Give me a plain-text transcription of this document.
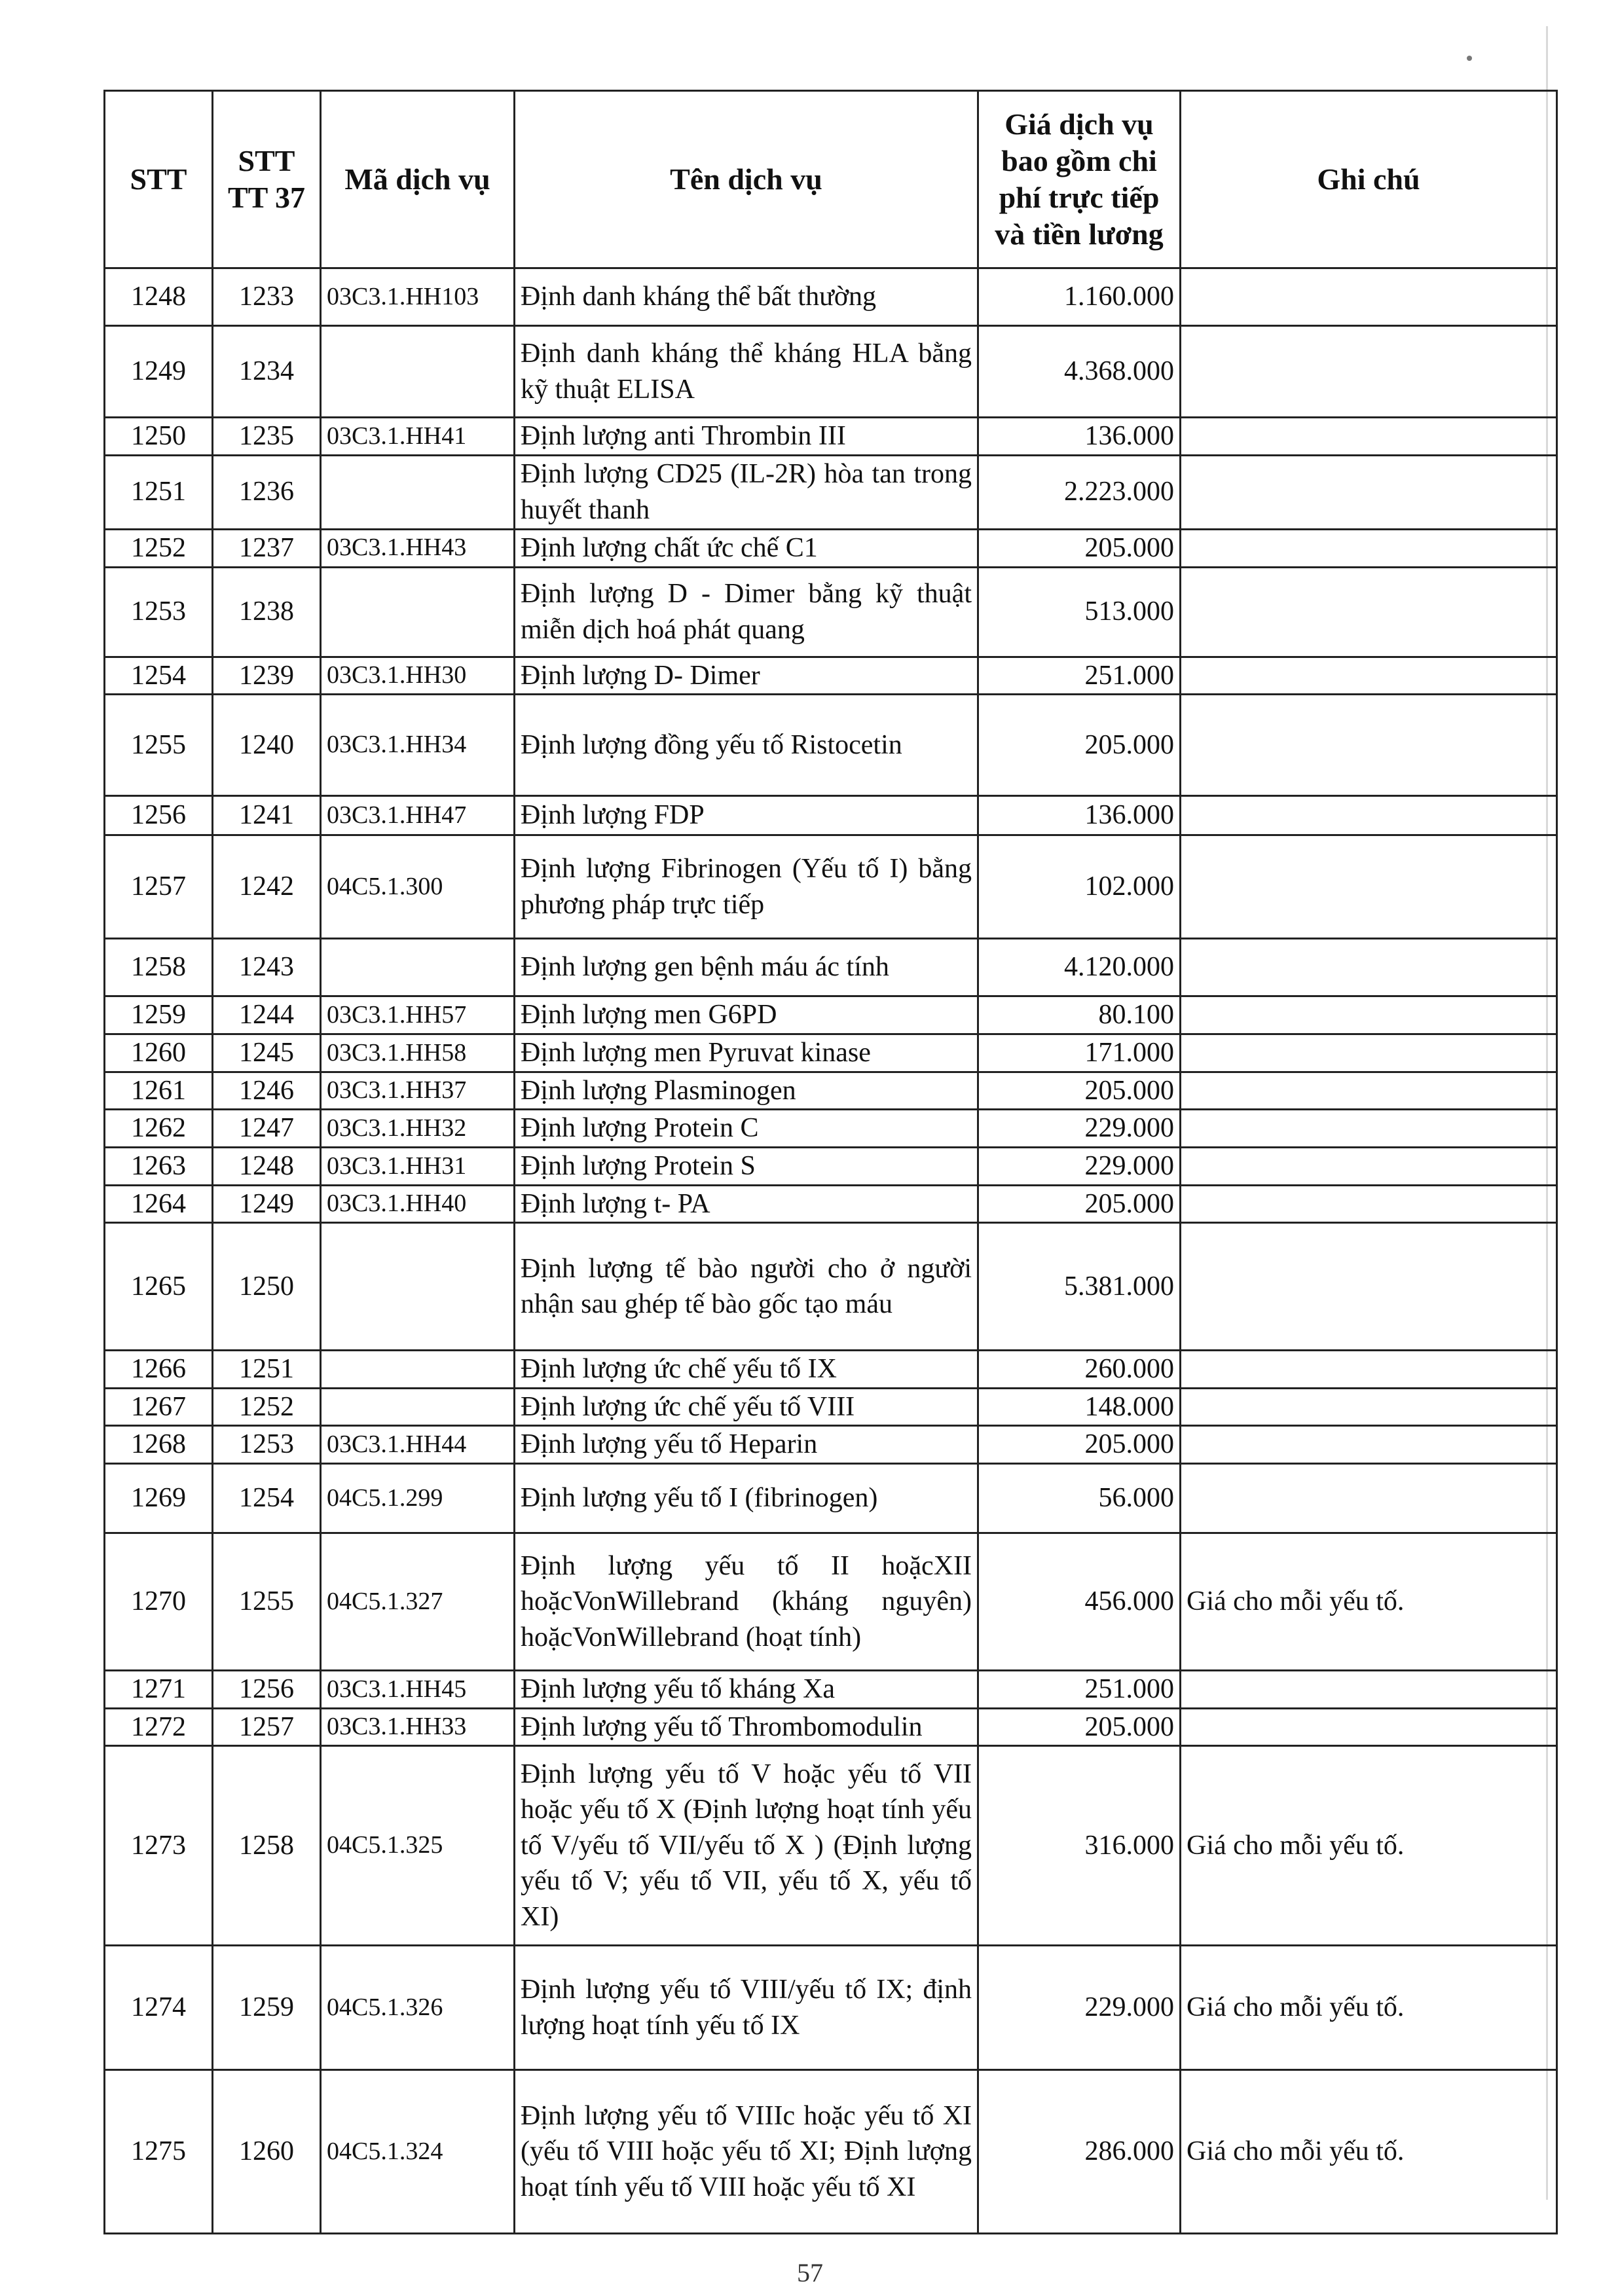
STT	STT TT 37	Mã dịch vụ	Tên dịch vụ	Giá dịch vụ bao gồm chi phí trực tiếp và tiền lương	Ghi chú
1248	1233	03C3.1.HH103	Định danh kháng thể bất thường	1.160.000	
1249	1234		Định danh kháng thể kháng HLA bằng kỹ thuật ELISA	4.368.000	
1250	1235	03C3.1.HH41	Định lượng anti Thrombin III	136.000	
1251	1236		Định lượng CD25 (IL-2R) hòa tan trong huyết thanh	2.223.000	
1252	1237	03C3.1.HH43	Định lượng chất ức chế C1	205.000	
1253	1238		Định lượng D - Dimer bằng kỹ thuật miễn dịch hoá phát quang	513.000	
1254	1239	03C3.1.HH30	Định lượng D- Dimer	251.000	
1255	1240	03C3.1.HH34	Định lượng đồng yếu tố Ristocetin	205.000	
1256	1241	03C3.1.HH47	Định lượng FDP	136.000	
1257	1242	04C5.1.300	Định lượng Fibrinogen (Yếu tố I) bằng phương pháp trực tiếp	102.000	
1258	1243		Định lượng gen bệnh máu ác tính	4.120.000	
1259	1244	03C3.1.HH57	Định lượng men G6PD	80.100	
1260	1245	03C3.1.HH58	Định lượng men Pyruvat kinase	171.000	
1261	1246	03C3.1.HH37	Định lượng Plasminogen	205.000	
1262	1247	03C3.1.HH32	Định lượng Protein C	229.000	
1263	1248	03C3.1.HH31	Định lượng Protein S	229.000	
1264	1249	03C3.1.HH40	Định lượng t- PA	205.000	
1265	1250		Định lượng tế bào người cho ở người nhận sau ghép tế bào gốc tạo máu	5.381.000	
1266	1251		Định lượng ức chế yếu tố IX	260.000	
1267	1252		Định lượng ức chế yếu tố VIII	148.000	
1268	1253	03C3.1.HH44	Định lượng yếu tố Heparin	205.000	
1269	1254	04C5.1.299	Định lượng yếu tố I (fibrinogen)	56.000	
1270	1255	04C5.1.327	Định lượng yếu tố II hoặcXII hoặcVonWillebrand (kháng nguyên) hoặcVonWillebrand (hoạt tính)	456.000	Giá cho mỗi yếu tố.
1271	1256	03C3.1.HH45	Định lượng yếu tố kháng Xa	251.000	
1272	1257	03C3.1.HH33	Định lượng yếu tố Thrombomodulin	205.000	
1273	1258	04C5.1.325	Định lượng yếu tố V hoặc yếu tố VII hoặc yếu tố X (Định lượng hoạt tính yếu tố V/yếu tố VII/yếu tố X ) (Định lượng yếu tố V; yếu tố VII, yếu tố X, yếu tố XI)	316.000	Giá cho mỗi yếu tố.
1274	1259	04C5.1.326	Định lượng yếu tố VIII/yếu tố IX; định lượng hoạt tính yếu tố IX	229.000	Giá cho mỗi yếu tố.
1275	1260	04C5.1.324	Định lượng yếu tố VIIIc hoặc yếu tố XI (yếu tố VIII hoặc yếu tố XI; Định lượng hoạt tính yếu tố VIII hoặc yếu tố XI	286.000	Giá cho mỗi yếu tố.
57
